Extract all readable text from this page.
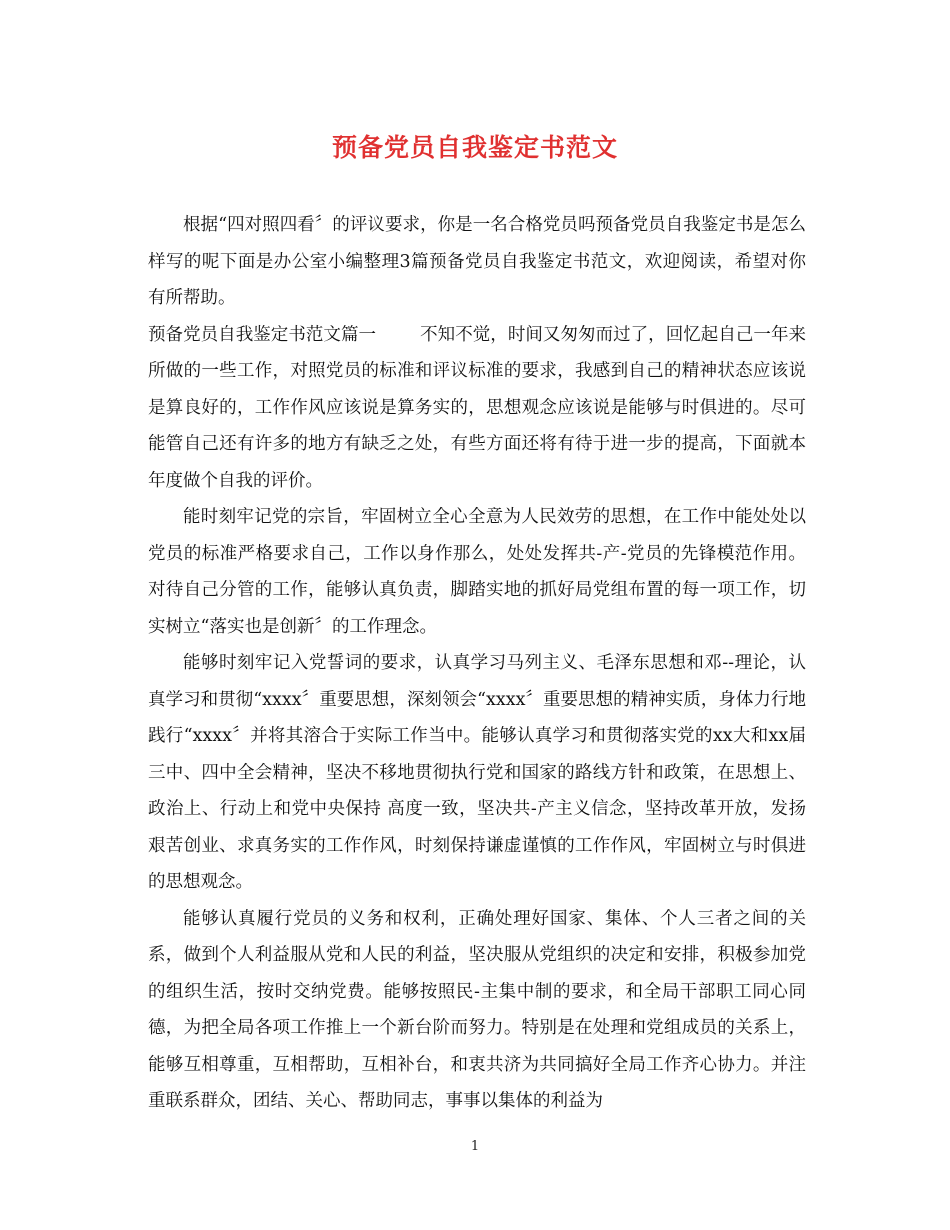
预备党员自我鉴定书范文

根据“四对照四看〞的评议要求，你是一名合格党员吗预备党员自我鉴定书是怎么样写的呢下面是办公室小编整理3篇预备党员自我鉴定书范文，欢迎阅读，希望对你有所帮助。

预备党员自我鉴定书范文篇一	不知不觉，时间又匆匆而过了，回忆起自己一年来所做的一些工作，对照党员的标准和评议标准的要求，我感到自己的精神状态应该说是算良好的，工作作风应该说是算务实的，思想观念应该说是能够与时俱进的。尽可能管自己还有许多的地方有缺乏之处，有些方面还将有待于进一步的提高，下面就本年度做个自我的评价。

能时刻牢记党的宗旨，牢固树立全心全意为人民效劳的思想，在工作中能处处以党员的标准严格要求自己，工作以身作那么，处处发挥共-产-党员的先锋模范作用。对待自己分管的工作，能够认真负责，脚踏实地的抓好局党组布置的每一项工作，切实树立“落实也是创新〞的工作理念。

能够时刻牢记入党誓词的要求，认真学习马列主义、毛泽东思想和邓--理论，认真学习和贯彻“xxxx〞重要思想，深刻领会“xxxx〞重要思想的精神实质，身体力行地践行“xxxx〞并将其溶合于实际工作当中。能够认真学习和贯彻落实党的xx大和xx届三中、四中全会精神，坚决不移地贯彻执行党和国家的路线方针和政策，在思想上、政治上、行动上和党中央保持 高度一致，坚决共-产主义信念，坚持改革开放，发扬艰苦创业、求真务实的工作作风，时刻保持谦虚谨慎的工作作风，牢固树立与时俱进的思想观念。

能够认真履行党员的义务和权利，正确处理好国家、集体、个人三者之间的关系，做到个人利益服从党和人民的利益，坚决服从党组织的决定和安排，积极参加党的组织生活，按时交纳党费。能够按照民-主集中制的要求，和全局干部职工同心同德，为把全局各项工作推上一个新台阶而努力。特别是在处理和党组成员的关系上，能够互相尊重，互相帮助，互相补台，和衷共济为共同搞好全局工作齐心协力。并注重联系群众，团结、关心、帮助同志，事事以集体的利益为

1
